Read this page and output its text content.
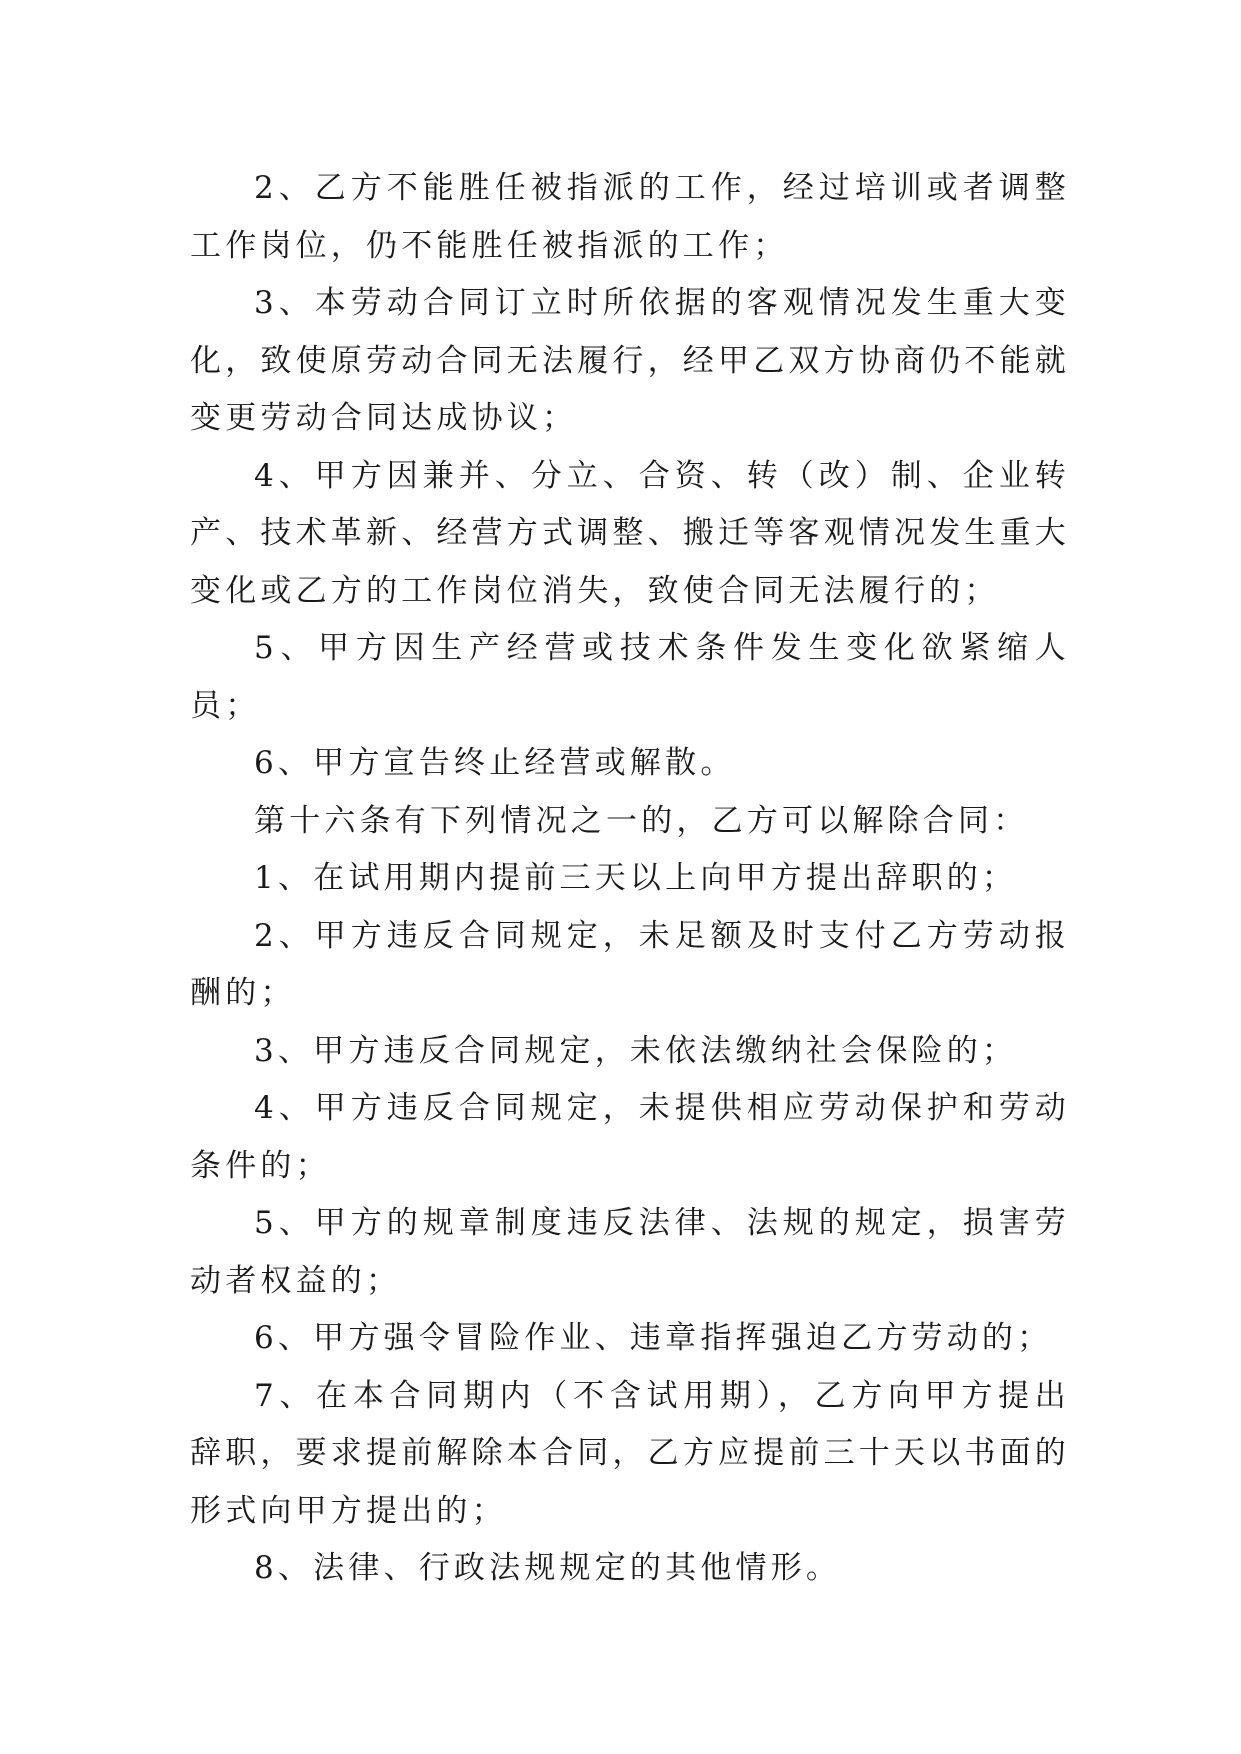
2、乙方不能胜任被指派的工作，经过培训或者调整工作岗位，仍不能胜任被指派的工作；

3、本劳动合同订立时所依据的客观情况发生重大变化，致使原劳动合同无法履行，经甲乙双方协商仍不能就变更劳动合同达成协议；

4、甲方因兼并、分立、合资、转（改）制、企业转产、技术革新、经营方式调整、搬迁等客观情况发生重大变化或乙方的工作岗位消失，致使合同无法履行的；

5、甲方因生产经营或技术条件发生变化欲紧缩人员；

6、甲方宣告终止经营或解散。

第十六条有下列情况之一的，乙方可以解除合同：

1、在试用期内提前三天以上向甲方提出辞职的；

2、甲方违反合同规定，未足额及时支付乙方劳动报酬的；

3、甲方违反合同规定，未依法缴纳社会保险的；

4、甲方违反合同规定，未提供相应劳动保护和劳动条件的；

5、甲方的规章制度违反法律、法规的规定，损害劳动者权益的；

6、甲方强令冒险作业、违章指挥强迫乙方劳动的；

7、在本合同期内（不含试用期），乙方向甲方提出辞职，要求提前解除本合同，乙方应提前三十天以书面的形式向甲方提出的；

8、法律、行政法规规定的其他情形。
